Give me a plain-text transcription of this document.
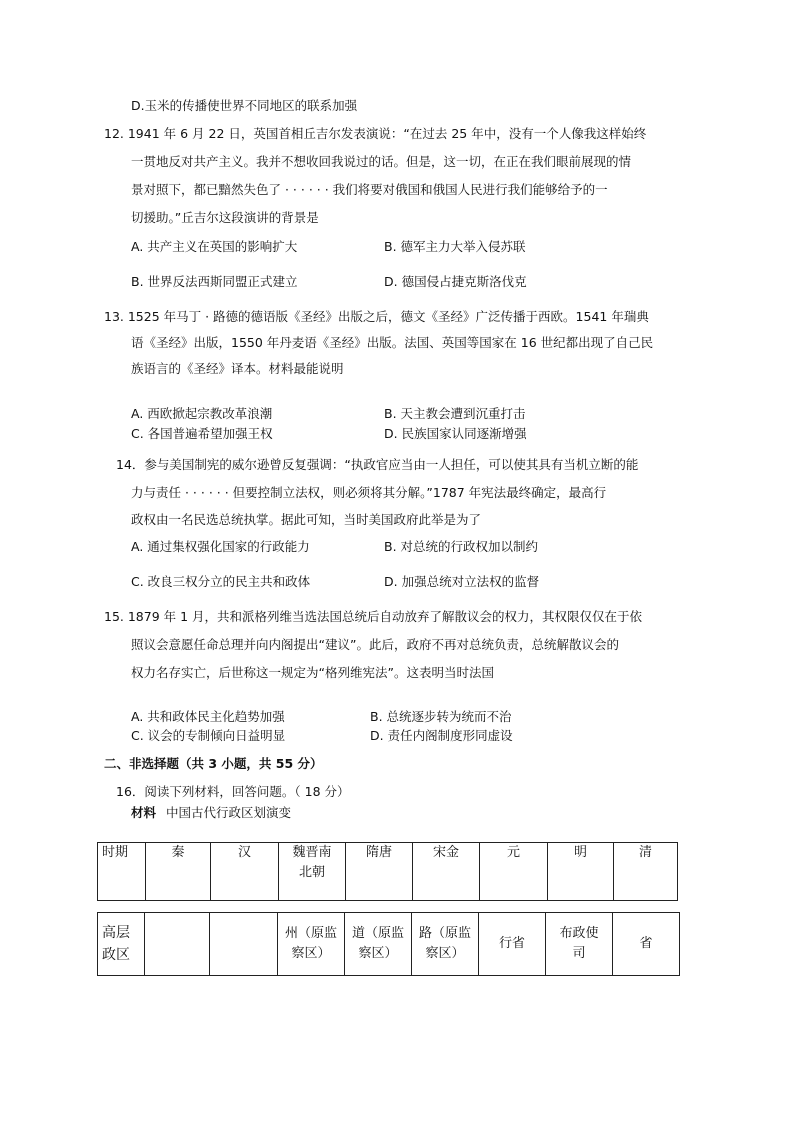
D.玉米的传播使世界不同地区的联系加强
12. 1941 年 6 月 22 日，英国首相丘吉尔发表演说：“在过去 25 年中，没有一个人像我这样始终
一贯地反对共产主义。我并不想收回我说过的话。但是，这一切，在正在我们眼前展现的情
景对照下，都已黯然失色了 · · · · · · 我们将要对俄国和俄国人民进行我们能够给予的一
切援助。”丘吉尔这段演讲的背景是
A. 共产主义在英国的影响扩大	B. 德军主力大举入侵苏联
B. 世界反法西斯同盟正式建立	D. 德国侵占捷克斯洛伐克
13. 1525 年马丁 · 路德的德语版《圣经》出版之后，德文《圣经》广泛传播于西欧。1541 年瑞典
语《圣经》出版，1550 年丹麦语《圣经》出版。法国、英国等国家在 16 世纪都出现了自己民
族语言的《圣经》译本。材料最能说明
A. 西欧掀起宗教改革浪潮	B. 天主教会遭到沉重打击
C. 各国普遍希望加强王权	D. 民族国家认同逐渐增强
14．参与美国制宪的威尔逊曾反复强调：“执政官应当由一人担任，可以使其具有当机立断的能
力与责任 · · · · · · 但要控制立法权，则必须将其分解。”1787 年宪法最终确定，最高行
政权由一名民选总统执掌。据此可知，当时美国政府此举是为了
A. 通过集权强化国家的行政能力	B. 对总统的行政权加以制约
C. 改良三权分立的民主共和政体	D. 加强总统对立法权的监督
15. 1879 年 1 月，共和派格列维当选法国总统后自动放弃了解散议会的权力，其权限仅仅在于依
照议会意愿任命总理并向内阁提出“建议”。此后，政府不再对总统负责，总统解散议会的
权力名存实亡，后世称这一规定为“格列维宪法”。这表明当时法国
A. 共和政体民主化趋势加强	B. 总统逐步转为统而不治
C. 议会的专制倾向日益明显	D. 责任内阁制度形同虚设
二、非选择题（共 3 小题，共 55 分）
16．阅读下列材料，回答问题。（ 18 分）
材料 中国古代行政区划演变
时期	秦	汉	魏晋南
北朝	隋唐	宋金	元	明	清
高层
政区			州（原监
察区）	道（原监
察区）	路（原监
察区）	行省	布政使
司	省
